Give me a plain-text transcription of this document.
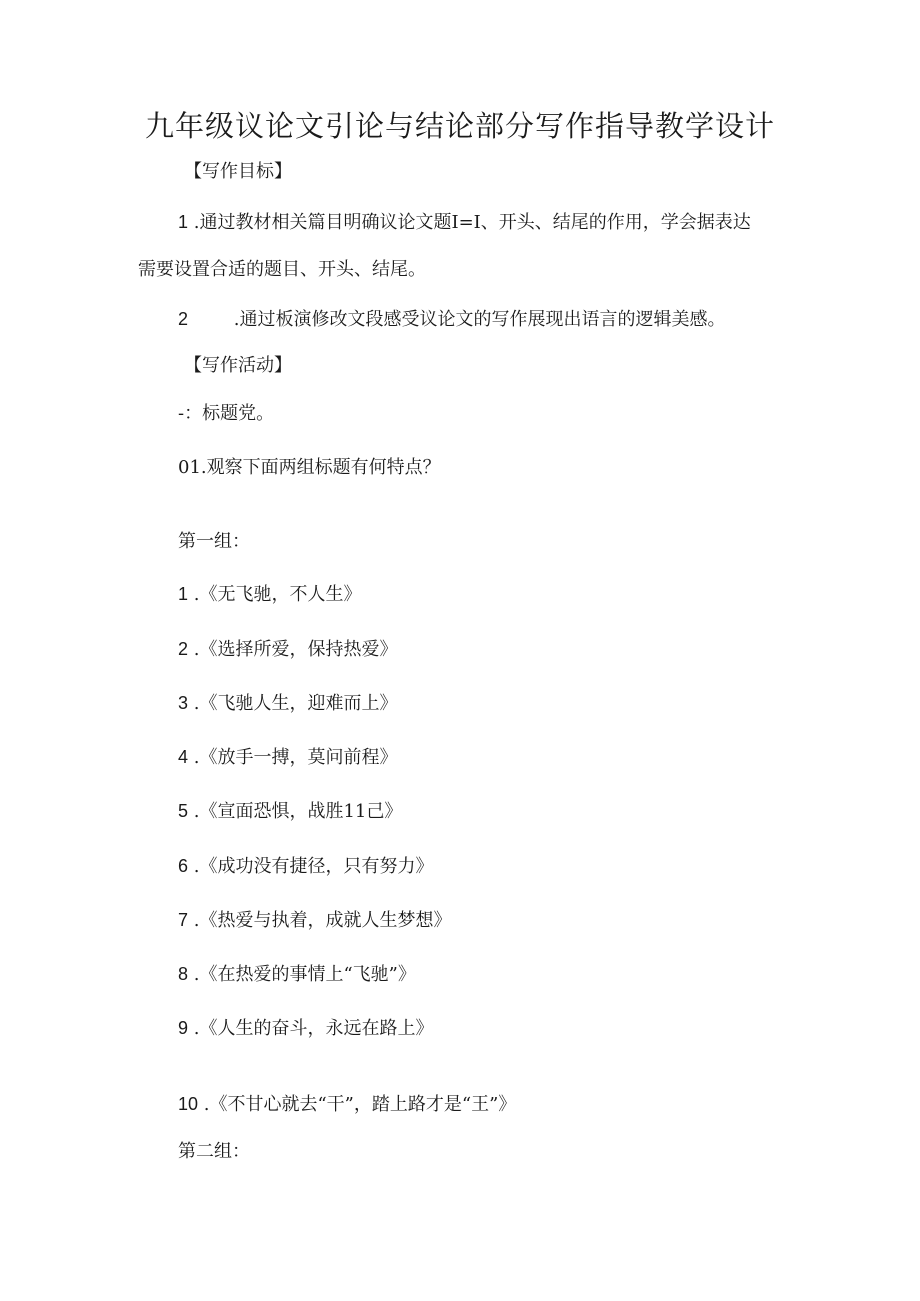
九年级议论文引论与结论部分写作指导教学设计
【写作目标】
1 .通过教材相关篇目明确议论文题I=I、开头、结尾的作用，学会据表达
需要设置合适的题目、开头、结尾。
2        .通过板演修改文段感受议论文的写作展现出语言的逻辑美感。
【写作活动】
-：标题党。
01.观察下面两组标题有何特点？
第一组：
1 .《无飞驰，不人生》
2 .《选择所爱，保持热爱》
3 .《飞驰人生，迎难而上》
4 .《放手一搏，莫问前程》
5 .《宣面恐惧，战胜11己》
6 .《成功没有捷径，只有努力》
7 .《热爱与执着，成就人生梦想》
8 .《在热爱的事情上“飞驰”》
9 .《人生的奋斗，永远在路上》
10 .《不甘心就去“干”，踏上路才是“王”》
第二组：
